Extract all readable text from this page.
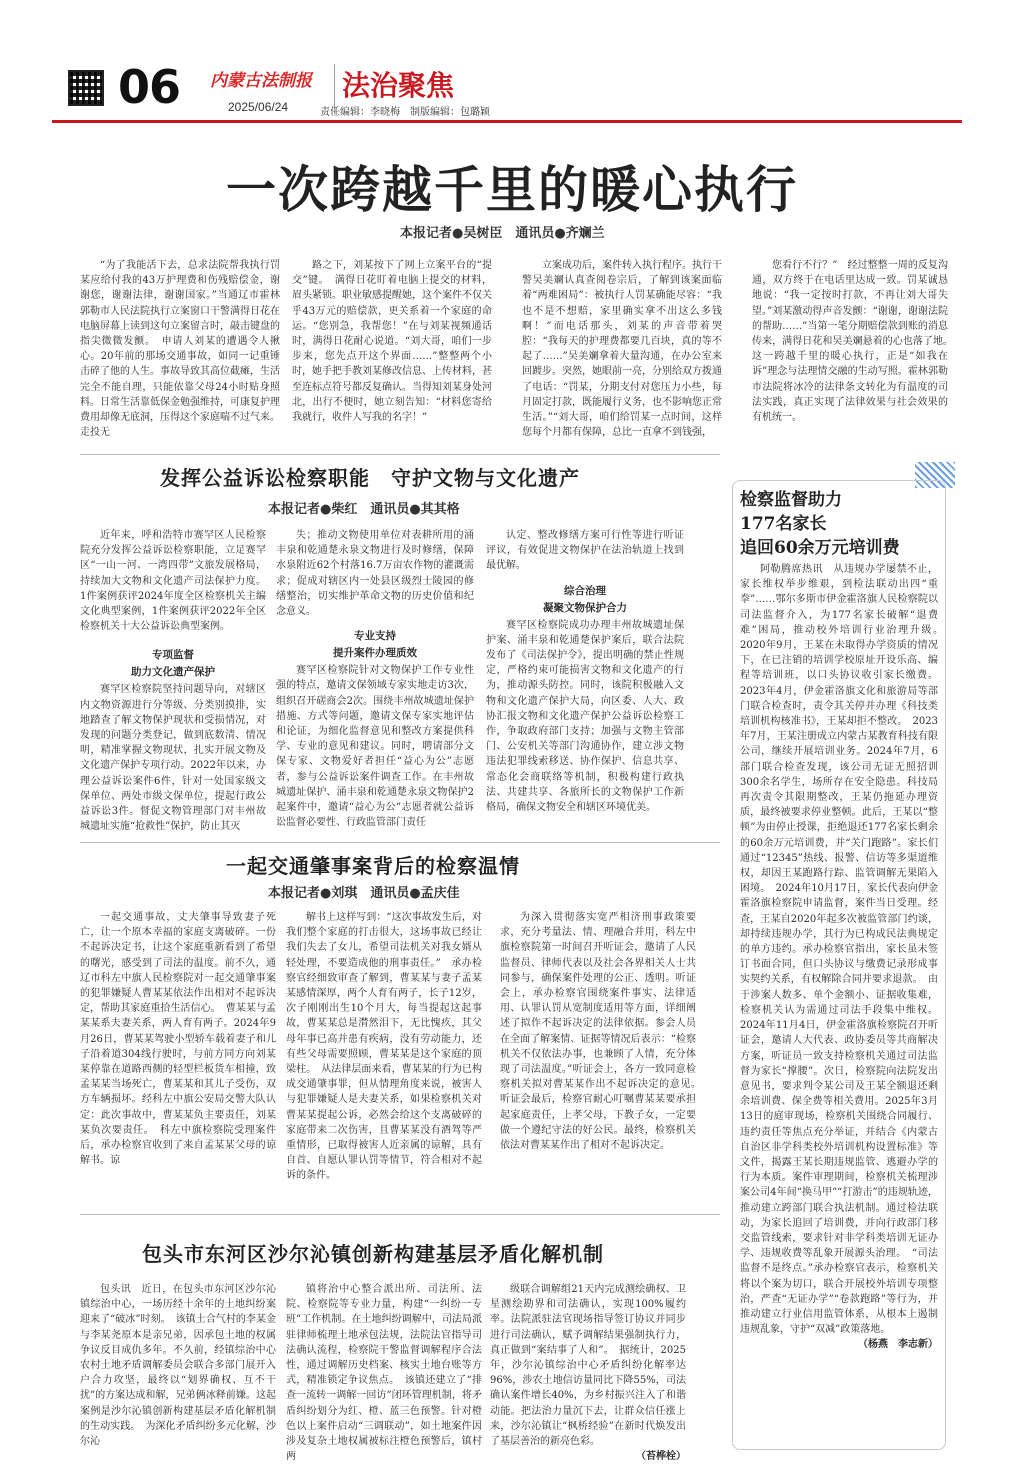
06 内蒙古法制报
2025/06/24
法治聚焦
责任编辑：李晓梅　制版编辑：包璐颖
一次跨越千里的暖心执行
本报记者●吴树臣　通讯员●齐斓兰

“为了我能活下去，总求法院帮我执行罚某应给付我的43万护理费和伤残赔偿金，谢谢您，谢谢法律，谢谢国家。”当通辽市霍林郭勒市人民法院执行立案窗口干警满得日花在电脑屏幕上读到这句立案留言时，敲击键盘的指尖微微发颤。　申请人刘某的遭遇令人揪心。20年前的那场交通事故，如同一记重锤击碎了他的人生。事故导致其高位截瘫，生活完全不能自理，只能依靠父母24小时贴身照料。日常生活靠低保金勉强维持，可康复护理费用却像无底洞，压得这个家庭喘不过气来。走投无

路之下，刘某按下了网上立案平台的“提交”键。　满得日花盯着电脑上提交的材料，眉头紧锁。职业敏感提醒她，这个案件不仅关乎43万元的赔偿款，更关系着一个家庭的命运。“您别急，我帮您！”在与刘某视频通话时，满得日花耐心说道。“刘大哥，咱们一步步来，您先点开这个界面……”整整两个小时，她手把手教刘某修改信息、上传材料，甚至连标点符号都反复确认。当得知刘某身处河北，出行不便时，她立刻告知：“材料您寄给我就行，收件人写我的名字！”

立案成功后，案件转入执行程序。执行干警吴美斓认真查阅卷宗后，了解到该案面临着“两难困局”：被执行人罚某确能尽容：“我也不是不想赔，家里确实拿不出这么多钱啊！”而电话那头，刘某的声音带着哭腔：“我每天的护理费都要几百块，真的等不起了……”吴美斓拿着大量沟通，在办公室来回踱步。突然，她眼前一亮，分别给双方拨通了电话：“罚某，分期支付对您压力小些，每月固定打款，既能履行义务，也不影响您正常生活。”“刘大哥，咱们给罚某一点时间，这样您每个月都有保障，总比一直拿不到钱强，

您看行不行？”　经过整整一周的反复沟通，双方终于在电话里达成一致。罚某诚恳地说：“我一定按时打款，不再让刘大哥失望。”刘某激动得声音发颤：“谢谢，谢谢法院的帮助……”当第一笔分期赔偿款到账的消息传来，满得日花和吴美斓悬着的心也落了地。　这一跨越千里的暖心执行，正是“如我在诉”理念与法理情交融的生动写照。霍林郭勒市法院将冰冷的法律条文转化为有温度的司法实践，真正实现了法律效果与社会效果的有机统一。

发挥公益诉讼检察职能　守护文物与文化遗产
本报记者●柴红　通讯员●其其格

近年来，呼和浩特市赛罕区人民检察院充分发挥公益诉讼检察职能，立足赛罕区“一山一河、一湾四带”文旅发展格局，持续加大文物和文化遗产司法保护力度。1件案例获评2024年度全区检察机关主编文化典型案例，1件案例获评2022年全区检察机关十大公益诉讼典型案例。

专项监督
助力文化遗产保护

赛罕区检察院坚持问题导向，对辖区内文物资源进行分等级、分类别摸排，实地踏查了解文物保护现状和受损情况，对发现的问题分类登记，做到底数清、情况明，精准掌握文物现状，扎实开展文物及文化遗产保护专项行动。2022年以来，办理公益诉讼案件6件，针对一处国家级文保单位、两处市级文保单位，提起行政公益诉讼3件。督促文物管理部门对丰州故城遗址实施“抢救性”保护，防止其灭

失；推动文物使用单位对表耕所用的涌丰泉和乾通楚永泉文物进行及时修缮，保障水泉附近62个村落16.7万亩农作物的灌溉需求；促成对辖区内一处县区级烈士陵园的修缮整治，切实维护革命文物的历史价值和纪念意义。

专业支持
提升案件办理质效

赛罕区检察院针对文物保护工作专业性强的特点，邀请文保领域专家实地走访3次，组织召开磋商会2次。围绕丰州故城遗址保护措施、方式等问题，邀请文保专家实地评估和论证，为细化监督意见和整改方案提供科学、专业的意见和建议。同时，聘请部分文保专家、文物爱好者担任“益心为公”志愿者，参与公益诉讼案件调查工作。在丰州故城遗址保护、涌丰泉和乾通楚永泉文物保护2起案件中，邀请“益心为公”志愿者就公益诉讼监督必要性、行政监管部门责任

认定、整改修缮方案可行性等进行听证评议，有效促进文物保护在法治轨道上找到最优解。

综合治理
凝聚文物保护合力

赛罕区检察院成功办理丰州故城遗址保护案、涌丰泉和乾通楚保护案后，联合法院发布了《司法保护令》，提出明确的禁止性规定，严格约束可能损害文物和文化遗产的行为，推动源头防控。同时，该院积极融入文物和文化遗产保护大局，向区委、人大、政协汇报文物和文化遗产保护公益诉讼检察工作，争取政府部门支持；加强与文物主管部门、公安机关等部门沟通协作，建立涉文物违法犯罪线索移送、协作保护、信息共享、常态化会商联络等机制，积极构建行政执法、共建共享、各旅所长的文物保护工作新格局，确保文物安全和辖区环境优美。

一起交通肇事案背后的检察温情
本报记者●刘琪　通讯员●孟庆佳

一起交通事故，丈夫肇事导致妻子死亡，让一个原本幸福的家庭支离破碎。一份不起诉决定书，让这个家庭重新看到了希望的曙光，感受到了司法的温度。前不久，通辽市科左中旗人民检察院对一起交通肇事案的犯罪嫌疑人曹某某依法作出相对不起诉决定，帮助其家庭重拾生活信心。　曹某某与孟某某系夫妻关系，两人育有两子。2024年9月26日，曹某某驾驶小型轿车载着妻子和儿子沿着道304线行驶时，与前方同方向刘某某停靠在道路西侧的轻型栏板货车相撞，致孟某某当场死亡，曹某某和其儿子受伤，双方车辆损坏。经科左中旗公安局交警大队认定：此次事故中，曹某某负主要责任，刘某某负次要责任。　科左中旗检察院受理案件后，承办检察官收到了来自孟某某父母的谅解书。谅

解书上这样写到：“这次事故发生后，对我们整个家庭的打击很大，这场事故已经让我们失去了女儿，希望司法机关对我女婿从轻处理，不要造成他的刑事责任。”　承办检察官经细致审查了解到，曹某某与妻子孟某某感情深厚，两个人育有两子，长子12岁，次子刚刚出生10个月大，每当提起这起事故，曹某某总是潸然泪下，无比愧疚，其父母年事已高并患有疾病，没有劳动能力，还有些父母需要照顾，曹某某是这个家庭的顶梁柱。　从法律层面来看，曹某某的行为已构成交通肇事罪，但从情理角度来说，被害人与犯罪嫌疑人是夫妻关系，如果检察机关对曹某某提起公诉，必然会给这个支离破碎的家庭带来二次伤害，且曹某某没有酒驾等严重情形，已取得被害人近亲属的谅解，具有自首、自愿认罪认罚等情节，符合相对不起诉的条件。

为深入贯彻落实宽严相济刑事政策要求，充分考量法、情、理融合并用，科左中旗检察院第一时间召开听证会，邀请了人民监督员、律师代表以及社会各界相关人士共同参与，确保案件处理的公正、透明。听证会上，承办检察官围绕案件事实、法律适用、认罪认罚从宽制度适用等方面，详细阐述了拟作不起诉决定的法律依据。参会人员在全面了解案情、证据等情况后表示：“检察机关不仅依法办事，也兼顾了人情，充分体现了司法温度。”听证会上，各方一致同意检察机关拟对曹某某作出不起诉决定的意见。　听证会最后，检察官耐心叮嘱曹某某要承担起家庭责任，上孝父母，下教子女，一定要做一个遵纪守法的好公民。最终，检察机关依法对曹某某作出了相对不起诉决定。

包头市东河区沙尔沁镇创新构建基层矛盾化解机制

包头讯　近日，在包头市东河区沙尔沁镇综治中心，一场历经十余年的土地纠纷案迎来了“破冰”时刻。　该镇土合气村的李某金与李某尧原本是亲兄弟，因承包土地的权属争议反目成仇多年。不久前，经镇综治中心农村土地矛盾调解委员会联合多部门展开入户合力攻坚，最终以“划界确权、互不干扰”的方案达成和解，兄弟俩冰释前嫌。这起案例是沙尔沁镇创新构建基层矛盾化解机制的生动实践。　为深化矛盾纠纷多元化解，沙尔沁

镇将治中心整合派出所、司法所、法院、检察院等专业力量，构建“一纠纷一专班”工作机制。在土地纠纷调解中，司法局派驻律师梳理土地承包法规，法院法官指导司法确认流程，检察院干警监督调解程序合法性，通过调解历史档案、核实土地台账等方式，精准锁定争议焦点。　该镇还建立了“排查一流转一调解一回访”闭环管理机制，将矛盾纠纷划分为红、橙、蓝三色预警。针对橙色以上案件启动“三调联动”，如土地案件因涉及复杂土地权属被标注橙色预警后，镇村两

级联合调解组21天内完成测绘确权、卫星测绘勘界和司法确认，实现100%履约率。法院派驻法官现场指导签订协议并同步进行司法确认，赋予调解结果强制执行力，真正做到“案结事了人和”。　据统计，2025年，沙尔沁镇综治中心矛盾纠纷化解率达96%，涉农土地信访量同比下降55%，司法确认案件增长40%，为乡村振兴注入了和谐动能。把法治力量沉下去，让群众信任涨上来，沙尔沁镇让“枫桥经验”在新时代焕发出了基层善治的新亮色彩。

（苔桦栓）
检察监督助力
177名家长
追回60余万元培训费

阿勒腾席热讯　从违规办学屡禁不止，家长维权举步维艰，到检法联动出四“重拳”……鄂尔多斯市伊金霍洛旗人民检察院以司法监督介入，为177名家长破解“退费难”困局，推动校外培训行业治理升级。　2020年9月，王某在未取得办学资质的情况下，在已注销的培训学校原址开设乐高、编程等培训班，以口头协议收引家长缴费。2023年4月，伊金霍洛旗文化和旅游局等部门联合检查时，责令其关停并办理《科技类培训机构核准书》，王某却拒不整改。　2023年7月，王某注册成立内蒙古某教育科技有限公司，继续开展培训业务。2024年7月，6部门联合检查发现，该公司无证无照招训300余名学生，场所存在安全隐患。科技局再次责令其限期整改，王某仍拖延办理资质，最终被要求停业整顿。此后，王某以“整顿”为由停止授课，拒绝退还177名家长剩余的60余万元培训费，并“关门跑路”。家长们通过“12345”热线、报警、信访等多渠道维权，却因王某跑路行踪、监管调解无果陷入困境。　2024年10月17日，家长代表向伊金霍洛旗检察院申请监督，案件当日受理。经查，王某自2020年起多次被监管部门约谈，却持续违规办学，其行为已构成民法典规定的单方违约。承办检察官指出，家长虽未签订书面合同，但口头协议与缴费记录形成事实契约关系，有权解除合同并要求退款。　由于涉案人数多、单个金额小、证据收集难，检察机关认为需通过司法手段集中维权。2024年11月4日，伊金霍洛旗检察院召开听证会，邀请人大代表、政协委员等共商解决方案，听证员一致支持检察机关通过司法监督为家长“撑腰”。次日，检察院向法院发出意见书，要求判令某公司及王某全额退还剩余培训费、保全费等相关费用。2025年3月13日的庭审现场，检察机关围绕合同履行、违约责任等焦点充分举证，并结合《内蒙古自治区非学科类校外培训机构设置标准》等文件，揭露王某长期违规监管、逃避办学的行为本质。案件审理期间，检察机关梳理涉案公司4年间“换马甲”“打游击”的违规轨迹，推动建立跨部门联合执法机制。通过检法联动，为家长追回了培训费，并向行政部门移交监管线索，要求针对非学科类培训无证办学、违规收费等乱象开展源头治理。　“司法监督不是终点。”承办检察官表示，检察机关将以个案为切口，联合开展校外培训专项整治，严查“无证办学”“卷款跑路”等行为，并推动建立行业信用监管体系，从根本上遏制违规乱象，守护“双减”政策落地。

（杨燕　李志新）
